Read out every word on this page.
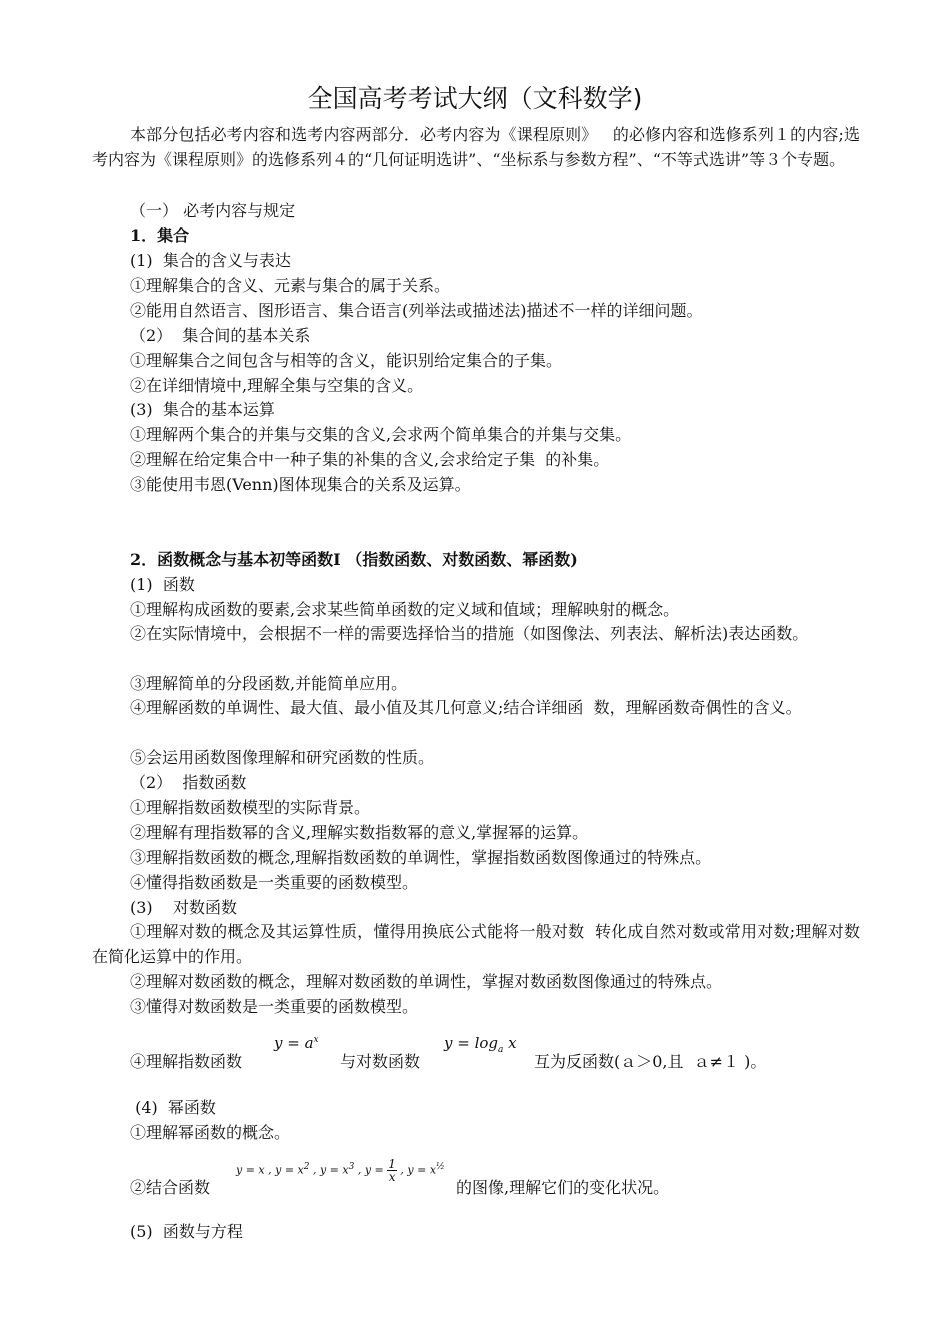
全国高考考试大纲（文科数学)
本部分包括必考内容和选考内容两部分．必考内容为《课程原则》   的必修内容和选修系列１的内容;选考内容为《课程原则》的选修系列４的“几何证明选讲”、“坐标系与参数方程”、“不等式选讲”等３个专题。
（一） 必考内容与规定
1．集合
(1)  集合的含义与表达
①理解集合的含义、元素与集合的属于关系。
②能用自然语言、图形语言、集合语言(列举法或描述法)描述不一样的详细问题。
（2）  集合间的基本关系
①理解集合之间包含与相等的含义，能识别给定集合的子集。
②在详细情境中,理解全集与空集的含义。
(3)  集合的基本运算
①理解两个集合的并集与交集的含义,会求两个简单集合的并集与交集。
②理解在给定集合中一种子集的补集的含义,会求给定子集  的补集。
③能使用韦恩(Venn)图体现集合的关系及运算。
2．函数概念与基本初等函数Ⅰ （指数函数、对数函数、幂函数)
(1)  函数
①理解构成函数的要素,会求某些简单函数的定义域和值域；理解映射的概念。
②在实际情境中，会根据不一样的需要选择恰当的措施（如图像法、列表法、解析法)表达函数。
③理解简单的分段函数,并能简单应用。
④理解函数的单调性、最大值、最小值及其几何意义;结合详细函  数，理解函数奇偶性的含义。
⑤会运用函数图像理解和研究函数的性质。
（2）  指数函数
①理解指数函数模型的实际背景。
②理解有理指数幂的含义,理解实数指数幂的意义,掌握幂的运算。
③理解指数函数的概念,理解指数函数的单调性，掌握指数函数图像通过的特殊点。
④懂得指数函数是一类重要的函数模型。
(3)    对数函数
①理解对数的概念及其运算性质，懂得用换底公式能将一般对数  转化成自然对数或常用对数;理解对数在简化运算中的作用。
②理解对数函数的概念，理解对数函数的单调性，掌握对数函数图像通过的特殊点。
③懂得对数函数是一类重要的函数模型。
④理解指数函数
$y = a^x$
与对数函数
$y = \log_a x$
互为反函数(ａ＞0,且  ａ≠１ )。
(4)  幂函数
①理解幂函数的概念。
②结合函数
y = x , $y = x^2$ , $y = x^3$ , $y = \frac{1}{x}$ , $y = x^{\frac{1}{2}}$
的图像,理解它们的变化状况。
(5)  函数与方程
